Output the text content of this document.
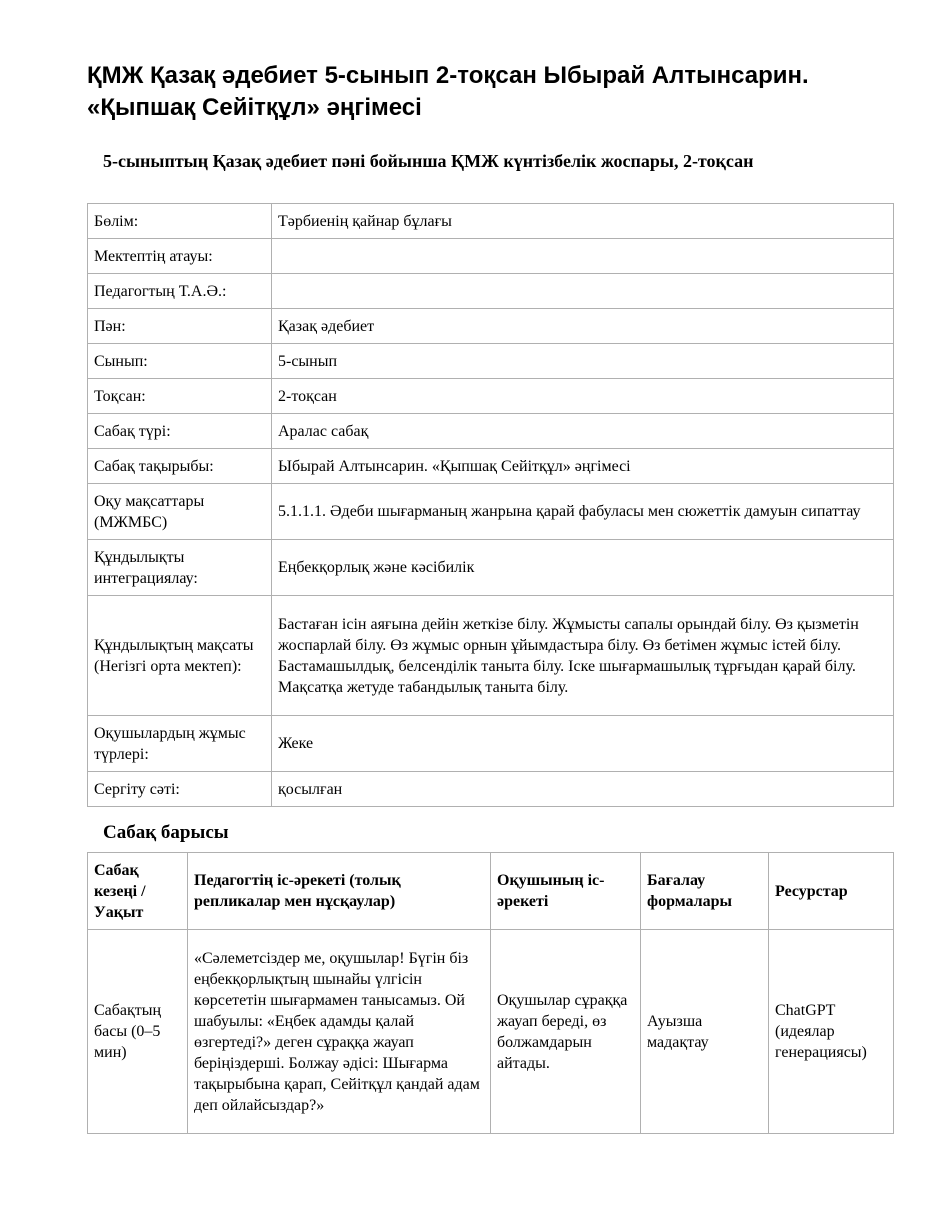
ҚМЖ Қазақ әдебиет 5-сынып 2-тоқсан Ыбырай Алтынсарин. «Қыпшақ Сейітқұл» әңгімесі
5-сыныптың Қазақ әдебиет пәні бойынша ҚМЖ күнтізбелік жоспары, 2-тоқсан
Бөлім:	Тәрбиенің қайнар бұлағы
Мектептің атауы:	
Педагогтың Т.А.Ә.:	
Пән:	Қазақ әдебиет
Сынып:	5-сынып
Тоқсан:	2-тоқсан
Сабақ түрі:	Аралас сабақ
Сабақ тақырыбы:	Ыбырай Алтынсарин. «Қыпшақ Сейітқұл» әңгімесі
Оқу мақсаттары (МЖМБС)	5.1.1.1. Әдеби шығарманың жанрына қарай фабуласы мен сюжеттік дамуын сипаттау
Құндылықты интеграциялау:	Еңбекқорлық және кәсібилік
Құндылықтың мақсаты (Негізгі орта мектеп):	Бастаған ісін аяғына дейін жеткізе білу. Жұмысты сапалы орындай білу. Өз қызметін жоспарлай білу. Өз жұмыс орнын ұйымдастыра білу. Өз бетімен жұмыс істей білу. Бастамашылдық, белсенділік таныта білу. Іске шығармашылық тұрғыдан қарай білу. Мақсатқа жетуде табандылық таныта білу.
Оқушылардың жұмыс түрлері:	Жеке
Сергіту сәті:	қосылған
Сабақ барысы
Сабақ кезеңі / Уақыт	Педагогтің іс-әрекеті (толық репликалар мен нұсқаулар)	Оқушының іс-әрекеті	Бағалау формалары	Ресурстар
Сабақтың басы (0–5 мин)	«Сәлеметсіздер ме, оқушылар! Бүгін біз еңбекқорлықтың шынайы үлгісін көрсететін шығармамен танысамыз. Ой шабуылы: «Еңбек адамды қалай өзгертеді?» деген сұраққа жауап беріңіздерші. Болжау әдісі: Шығарма тақырыбына қарап, Сейітқұл қандай адам деп ойлайсыздар?»	Оқушылар сұраққа жауап береді, өз болжамдарын айтады.	Ауызша мадақтау	ChatGPT (идеялар генерациясы)
